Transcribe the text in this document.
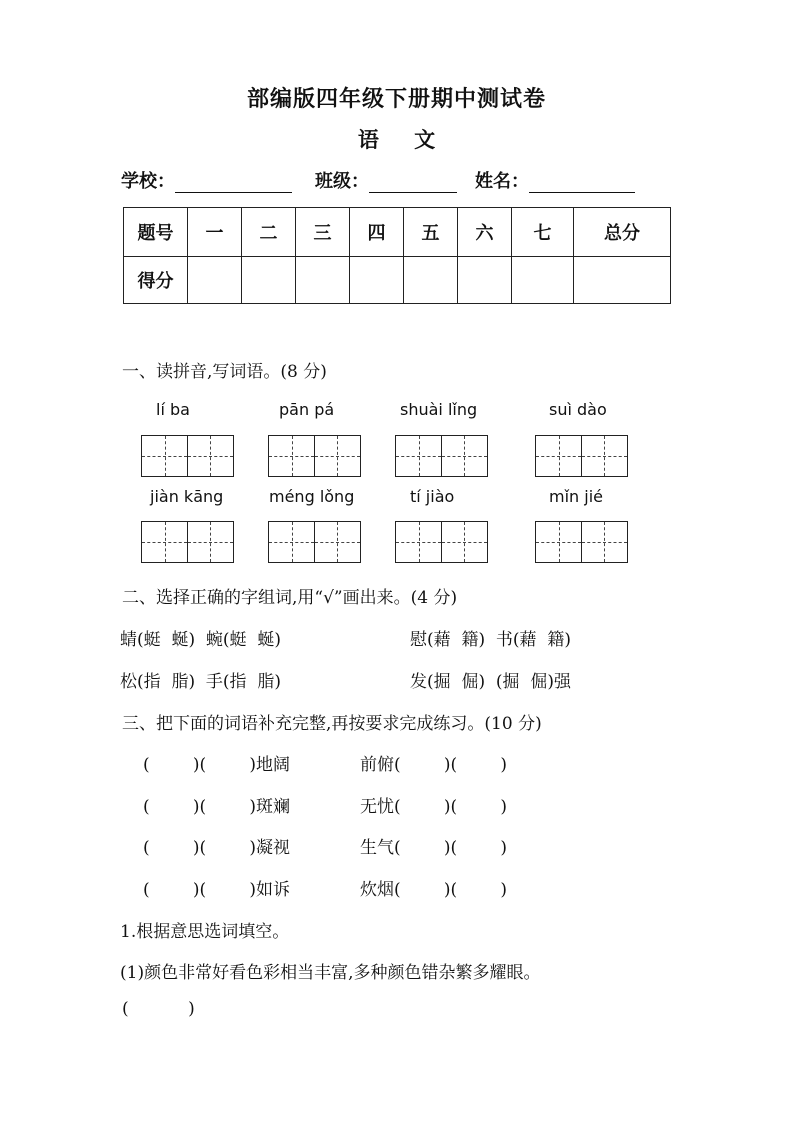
部编版四年级下册期中测试卷
语 文
学校：	班级：	姓名：
题号	一	二	三	四	五	六	七	总分
得分								
一、读拼音,写词语。(8 分)
lí ba	pān pá	shuài lǐng	suì dào
jiàn kāng	méng lǒng	tí jiào	mǐn jié
二、选择正确的字组词,用“√”画出来。(4 分)
蜻(蜓  蜒)  蜿(蜓  蜒)	慰(藉  籍)  书(藉  籍)
松(指  脂)  手(指  脂)	发(掘  倔)  (掘  倔)强
三、把下面的词语补充完整,再按要求完成练习。(10 分)
(        )(        )地阔	前俯(        )(        )
(        )(        )斑斓	无忧(        )(        )
(        )(        )凝视	生气(        )(        )
(        )(        )如诉	炊烟(        )(        )
1.根据意思选词填空。
(1)颜色非常好看色彩相当丰富,多种颜色错杂繁多耀眼。
(           )
